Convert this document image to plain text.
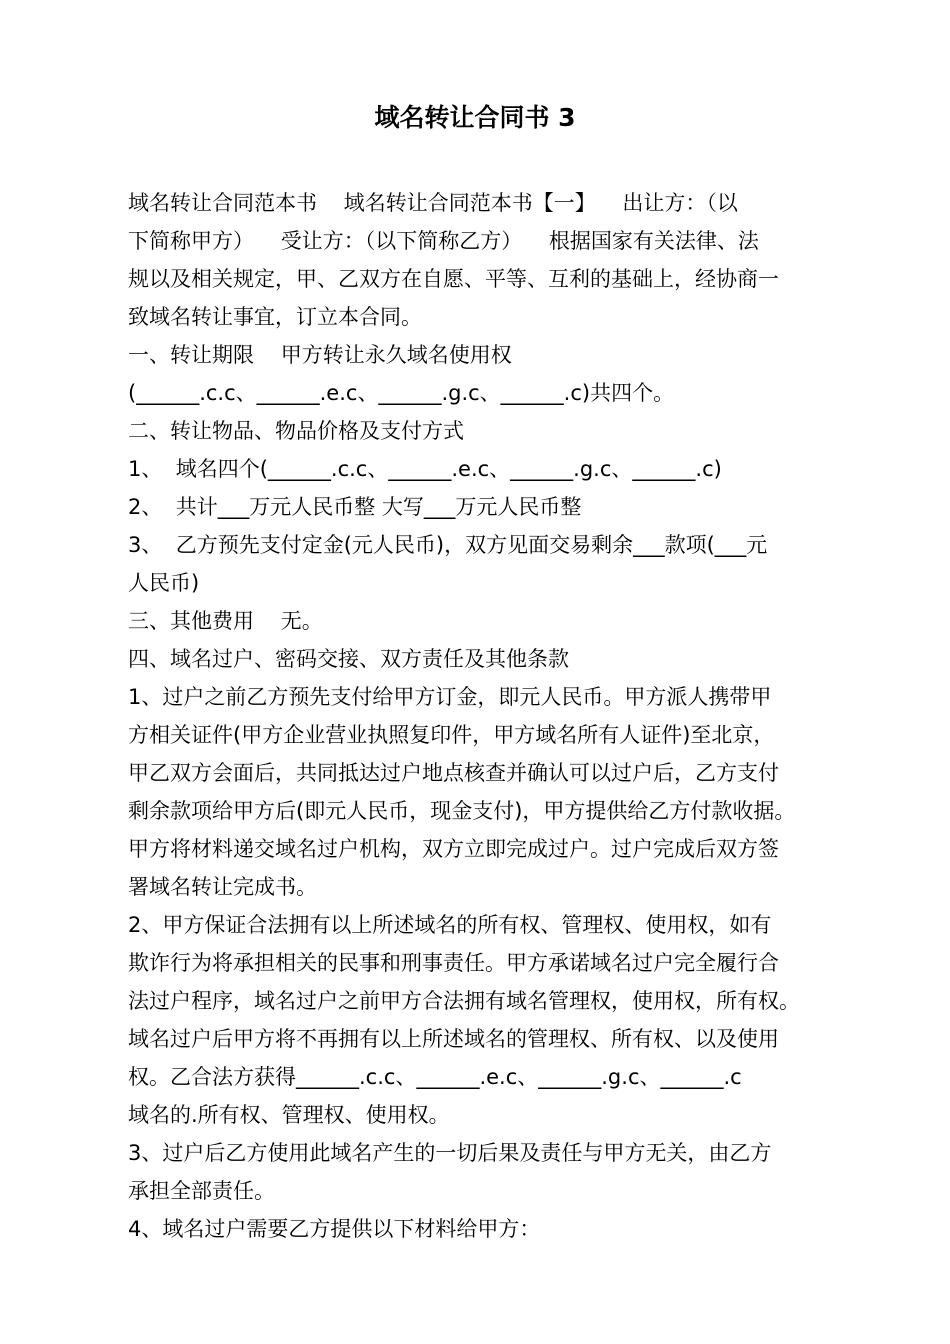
域名转让合同书 3
域名转让合同范本书    域名转让合同范本书【一】    出让方：（以
下简称甲方）    受让方：（以下简称乙方）    根据国家有关法律、法
规以及相关规定，甲、乙双方在自愿、平等、互利的基础上，经协商一
致域名转让事宜，订立本合同。
一、转让期限    甲方转让永久域名使用权
(______.c.c、______.e.c、______.g.c、______.c)共四个。
二、转让物品、物品价格及支付方式
1、  域名四个(______.c.c、______.e.c、______.g.c、______.c)
2、  共计___万元人民币整 大写___万元人民币整
3、  乙方预先支付定金(元人民币)，双方见面交易剩余___款项(___元
人民币)
三、其他费用    无。
四、域名过户、密码交接、双方责任及其他条款
1、过户之前乙方预先支付给甲方订金，即元人民币。甲方派人携带甲
方相关证件(甲方企业营业执照复印件，甲方域名所有人证件)至北京，
甲乙双方会面后，共同抵达过户地点核查并确认可以过户后，乙方支付
剩余款项给甲方后(即元人民币，现金支付)，甲方提供给乙方付款收据。
甲方将材料递交域名过户机构，双方立即完成过户。过户完成后双方签
署域名转让完成书。
2、甲方保证合法拥有以上所述域名的所有权、管理权、使用权，如有
欺诈行为将承担相关的民事和刑事责任。甲方承诺域名过户完全履行合
法过户程序，域名过户之前甲方合法拥有域名管理权，使用权，所有权。
域名过户后甲方将不再拥有以上所述域名的管理权、所有权、以及使用
权。乙合法方获得______.c.c、______.e.c、______.g.c、______.c
域名的.所有权、管理权、使用权。
3、过户后乙方使用此域名产生的一切后果及责任与甲方无关，由乙方
承担全部责任。
4、域名过户需要乙方提供以下材料给甲方：
